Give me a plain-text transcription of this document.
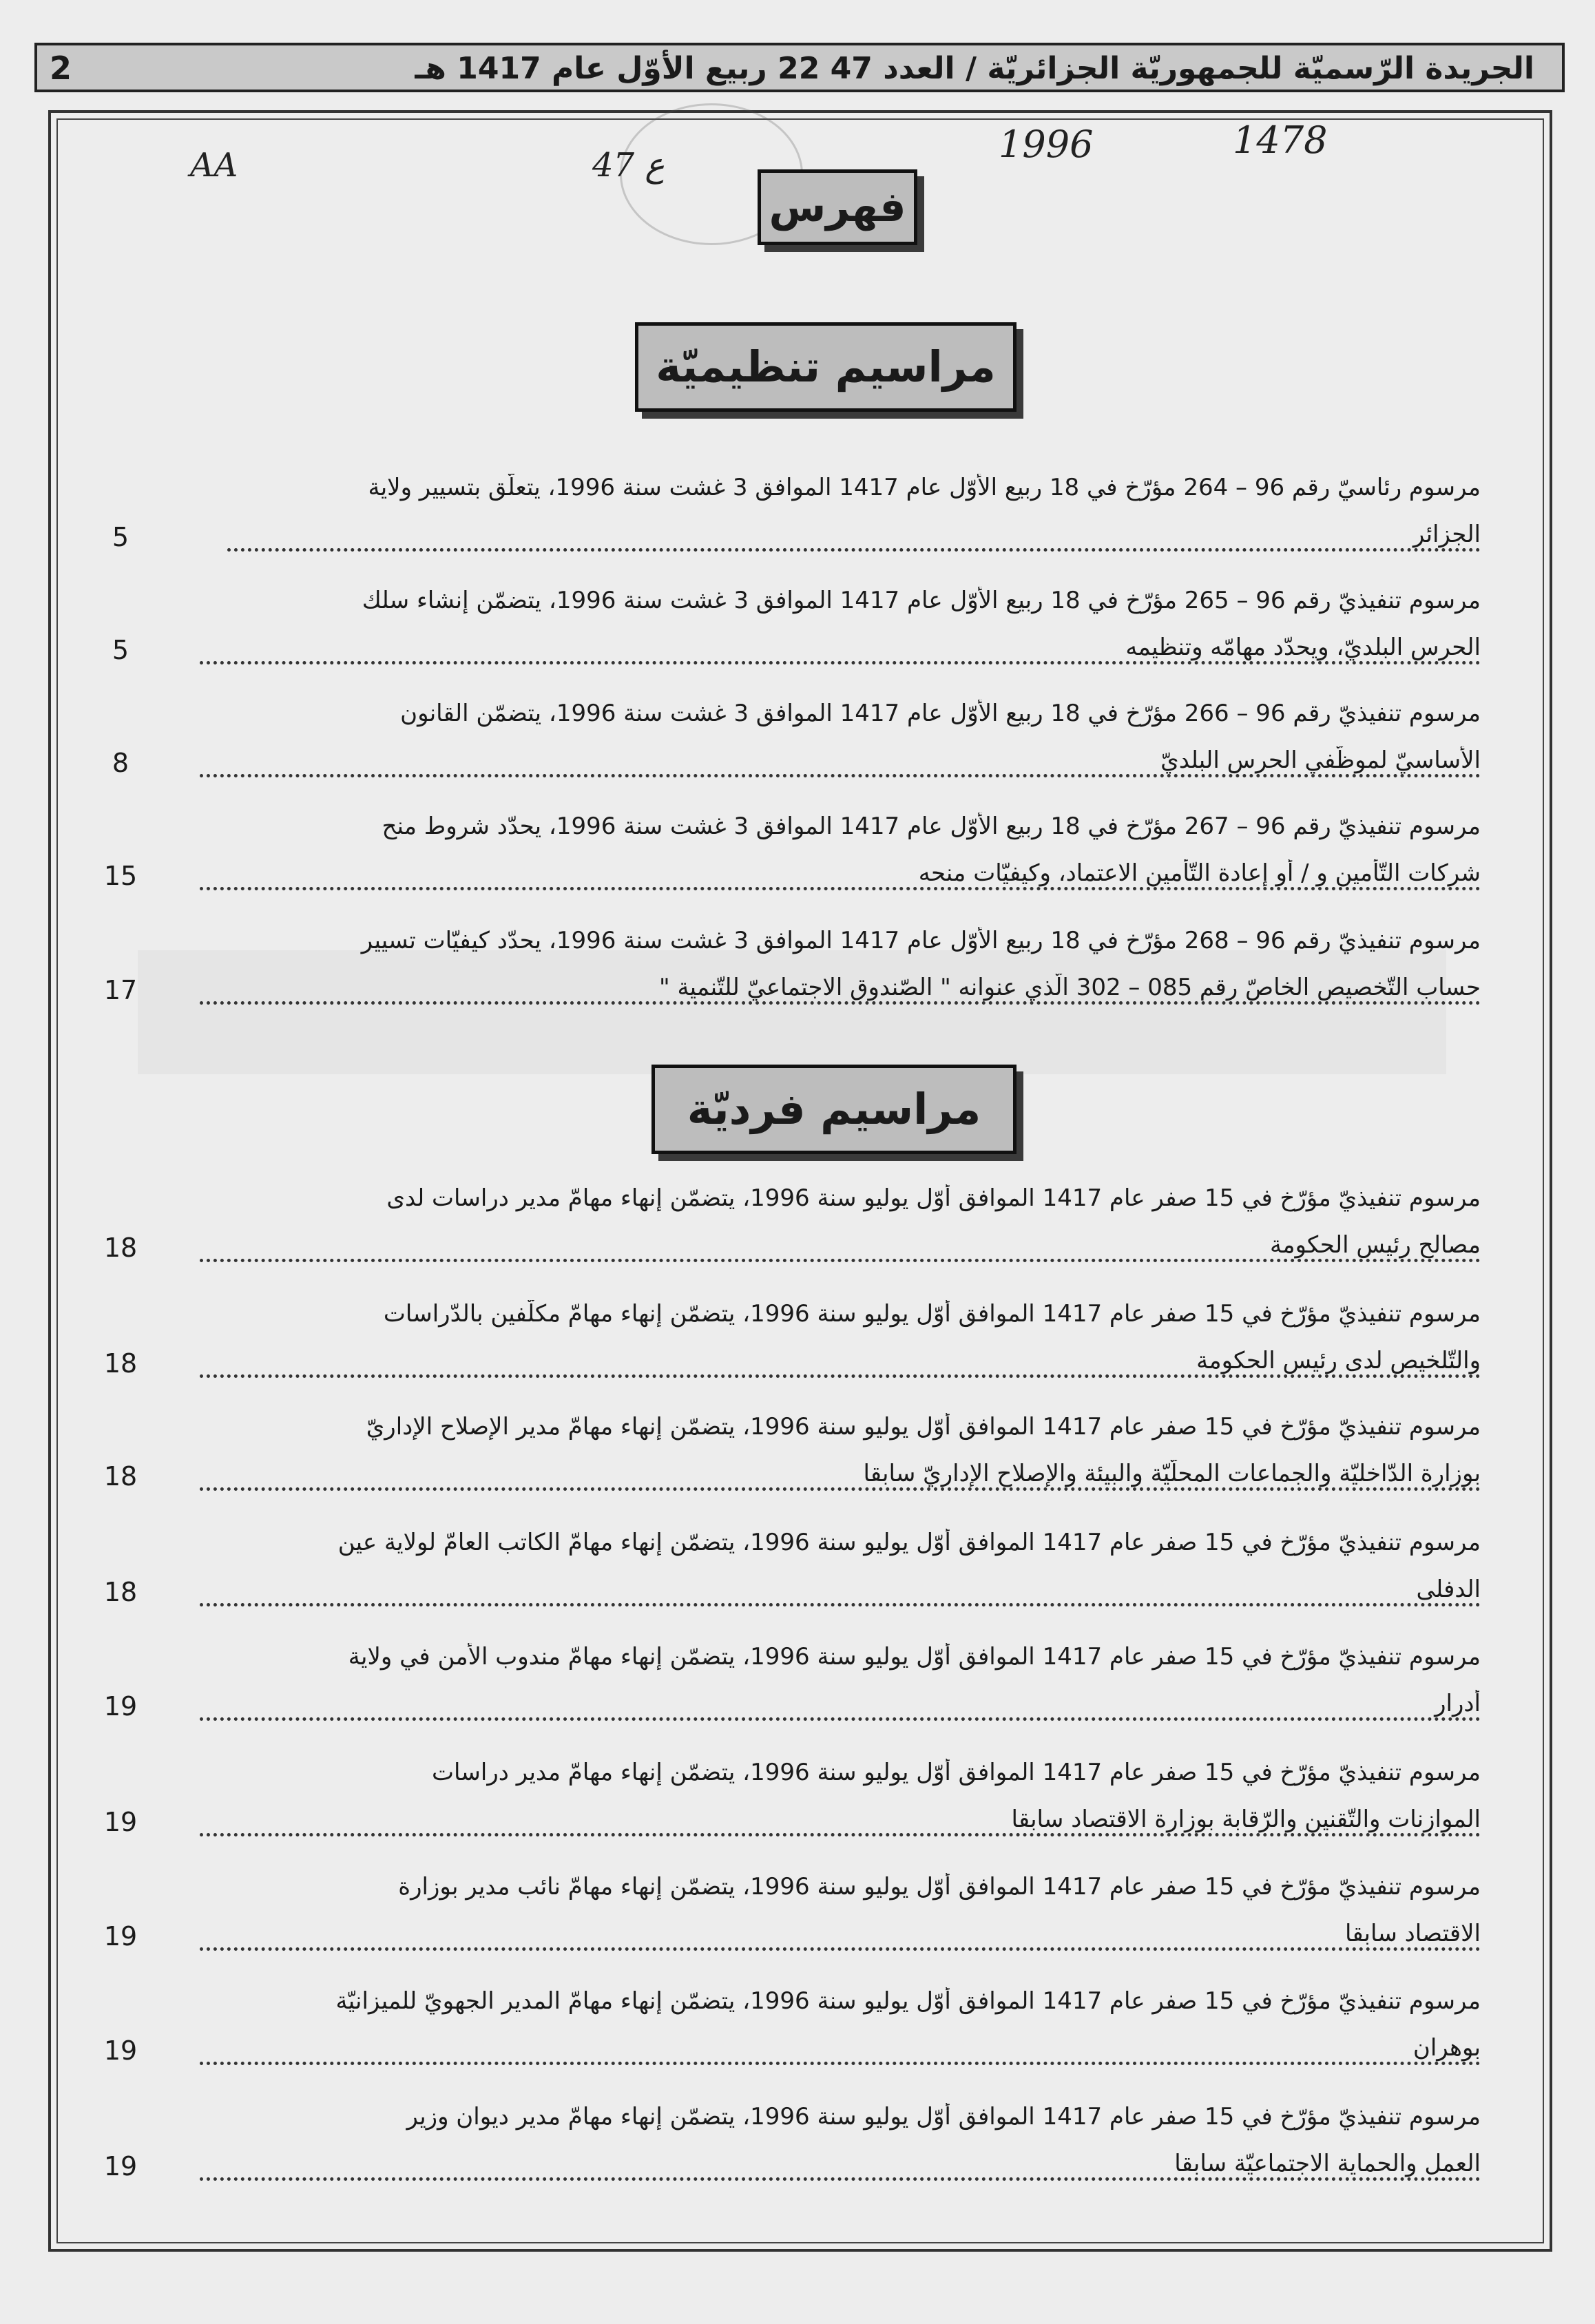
الجريدة الرّسميّة للجمهوريّة الجزائريّة / العدد 47 22 ربيع الأوّل عام 1417 هـ
2
1478
1996
47 ع
AA
فهرس
مراسيم تنظيميّة
مراسيم فرديّة
مرسوم رئاسيّ رقم 96 – 264 مؤرّخ في 18 ربيع الأوّل عام 1417 الموافق 3 غشت سنة 1996، يتعلّق بتسيير ولاية
الجزائر
5
مرسوم تنفيذيّ رقم 96 – 265 مؤرّخ في 18 ربيع الأوّل عام 1417 الموافق 3 غشت سنة 1996، يتضمّن إنشاء سلك
الحرس البلديّ، ويحدّد مهامّه وتنظيمه
5
مرسوم تنفيذيّ رقم 96 – 266 مؤرّخ في 18 ربيع الأوّل عام 1417 الموافق 3 غشت سنة 1996، يتضمّن القانون
الأساسيّ لموظّفي الحرس البلديّ
8
مرسوم تنفيذيّ رقم 96 – 267 مؤرّخ في 18 ربيع الأوّل عام 1417 الموافق 3 غشت سنة 1996، يحدّد شروط منح
شركات التّأمين و / أو إعادة التّأمين الاعتماد، وكيفيّات منحه
15
مرسوم تنفيذيّ رقم 96 – 268 مؤرّخ في 18 ربيع الأوّل عام 1417 الموافق 3 غشت سنة 1996، يحدّد كيفيّات تسيير
حساب التّخصيص الخاصّ رقم 085 – 302 الّذي عنوانه " الصّندوق الاجتماعيّ للتّنمية "
17
مرسوم تنفيذيّ مؤرّخ في 15 صفر عام 1417 الموافق أوّل يوليو سنة 1996، يتضمّن إنهاء مهامّ مدير دراسات لدى
مصالح رئيس الحكومة
18
مرسوم تنفيذيّ مؤرّخ في 15 صفر عام 1417 الموافق أوّل يوليو سنة 1996، يتضمّن إنهاء مهامّ مكلّفين بالدّراسات
والتّلخيص لدى رئيس الحكومة
18
مرسوم تنفيذيّ مؤرّخ في 15 صفر عام 1417 الموافق أوّل يوليو سنة 1996، يتضمّن إنهاء مهامّ مدير الإصلاح الإداريّ
بوزارة الدّاخليّة والجماعات المحلّيّة والبيئة والإصلاح الإداريّ سابقا
18
مرسوم تنفيذيّ مؤرّخ في 15 صفر عام 1417 الموافق أوّل يوليو سنة 1996، يتضمّن إنهاء مهامّ الكاتب العامّ لولاية عين
الدفلى
18
مرسوم تنفيذيّ مؤرّخ في 15 صفر عام 1417 الموافق أوّل يوليو سنة 1996، يتضمّن إنهاء مهامّ مندوب الأمن في ولاية
أدرار
19
مرسوم تنفيذيّ مؤرّخ في 15 صفر عام 1417 الموافق أوّل يوليو سنة 1996، يتضمّن إنهاء مهامّ مدير دراسات
الموازنات والتّقنين والرّقابة بوزارة الاقتصاد سابقا
19
مرسوم تنفيذيّ مؤرّخ في 15 صفر عام 1417 الموافق أوّل يوليو سنة 1996، يتضمّن إنهاء مهامّ نائب مدير بوزارة
الاقتصاد سابقا
19
مرسوم تنفيذيّ مؤرّخ في 15 صفر عام 1417 الموافق أوّل يوليو سنة 1996، يتضمّن إنهاء مهامّ المدير الجهويّ للميزانيّة
بوهران
19
مرسوم تنفيذيّ مؤرّخ في 15 صفر عام 1417 الموافق أوّل يوليو سنة 1996، يتضمّن إنهاء مهامّ مدير ديوان وزير
العمل والحماية الاجتماعيّة سابقا
19
